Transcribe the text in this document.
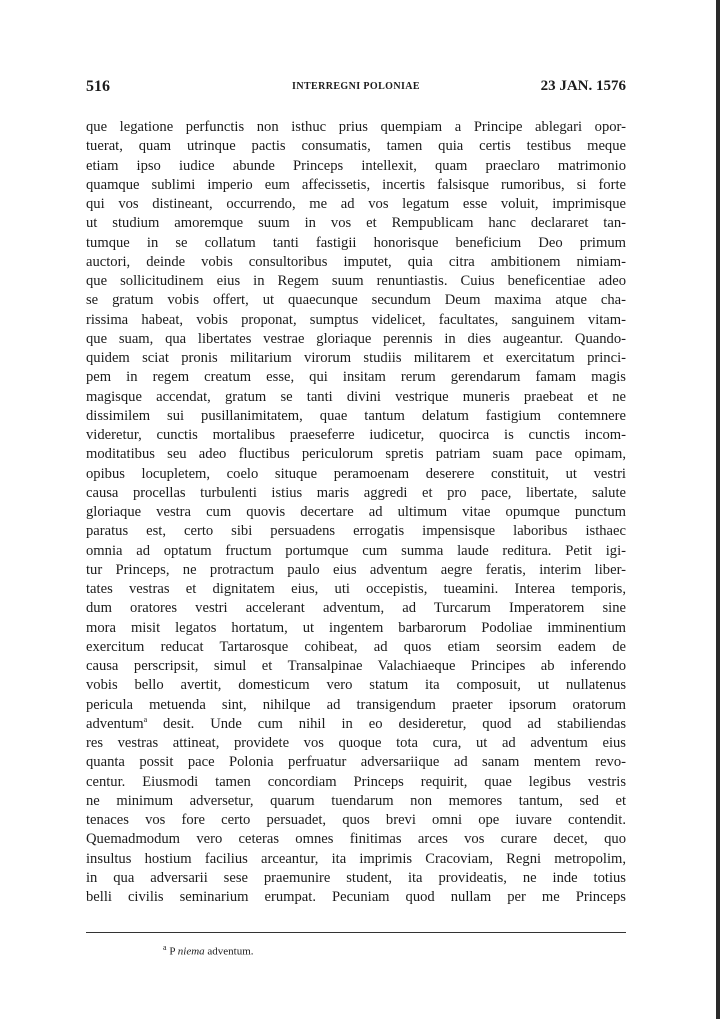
516	INTERREGNI POLONIAE	23 JAN. 1576
que legatione perfunctis non isthuc prius quempiam a Principe ablegari opor-
tuerat, quam utrinque pactis consumatis, tamen quia certis testibus meque
etiam ipso iudice abunde Princeps intellexit, quam praeclaro matrimonio
quamque sublimi imperio eum affecissetis, incertis falsisque rumoribus, si forte
qui vos distineant, occurrendo, me ad vos legatum esse voluit, imprimisque
ut studium amoremque suum in vos et Rempublicam hanc declararet tan-
tumque in se collatum tanti fastigii honorisque beneficium Deo primum
auctori, deinde vobis consultoribus imputet, quia citra ambitionem nimiam-
que sollicitudinem eius in Regem suum renuntiastis. Cuius beneficentiae adeo
se gratum vobis offert, ut quaecunque secundum Deum maxima atque cha-
rissima habeat, vobis proponat, sumptus videlicet, facultates, sanguinem vitam-
que suam, qua libertates vestrae gloriaque perennis in dies augeantur. Quando-
quidem sciat pronis militarium virorum studiis militarem et exercitatum princi-
pem in regem creatum esse, qui insitam rerum gerendarum famam magis
magisque accendat, gratum se tanti divini vestrique muneris praebeat et ne
dissimilem sui pusillanimitatem, quae tantum delatum fastigium contemnere
videretur, cunctis mortalibus praeseferre iudicetur, quocirca is cunctis incom-
moditatibus seu adeo fluctibus periculorum spretis patriam suam pace opimam,
opibus locupletem, coelo situque peramoenam deserere constituit, ut vestri
causa procellas turbulenti istius maris aggredi et pro pace, libertate, salute
gloriaque vestra cum quovis decertare ad ultimum vitae opumque punctum
paratus est, certo sibi persuadens errogatis impensisque laboribus isthaec
omnia ad optatum fructum portumque cum summa laude reditura. Petit igi-
tur Princeps, ne protractum paulo eius adventum aegre feratis, interim liber-
tates vestras et dignitatem eius, uti occepistis, tueamini. Interea temporis,
dum oratores vestri accelerant adventum, ad Turcarum Imperatorem sine
mora misit legatos hortatum, ut ingentem barbarorum Podoliae imminentium
exercitum reducat Tartarosque cohibeat, ad quos etiam seorsim eadem de
causa perscripsit, simul et Transalpinae Valachiaeque Principes ab inferendo
vobis bello avertit, domesticum vero statum ita composuit, ut nullatenus
pericula metuenda sint, nihilque ad transigendum praeter ipsorum oratorum
adventum$^a$ desit. Unde cum nihil in eo desideretur, quod ad stabiliendas
res vestras attineat, providete vos quoque tota cura, ut ad adventum eius
quanta possit pace Polonia perfruatur adversariique ad sanam mentem revo-
centur. Eiusmodi tamen concordiam Princeps requirit, quae legibus vestris
ne minimum adversetur, quarum tuendarum non memores tantum, sed et
tenaces vos fore certo persuadet, quos brevi omni ope iuvare contendit.
Quemadmodum vero ceteras omnes finitimas arces vos curare decet, quo
insultus hostium facilius arceantur, ita imprimis Cracoviam, Regni metropolim,
in qua adversarii sese praemunire student, ita provideatis, ne inde totius
belli civilis seminarium erumpat. Pecuniam quod nullam per me Princeps
$^a$ P niema adventum.
